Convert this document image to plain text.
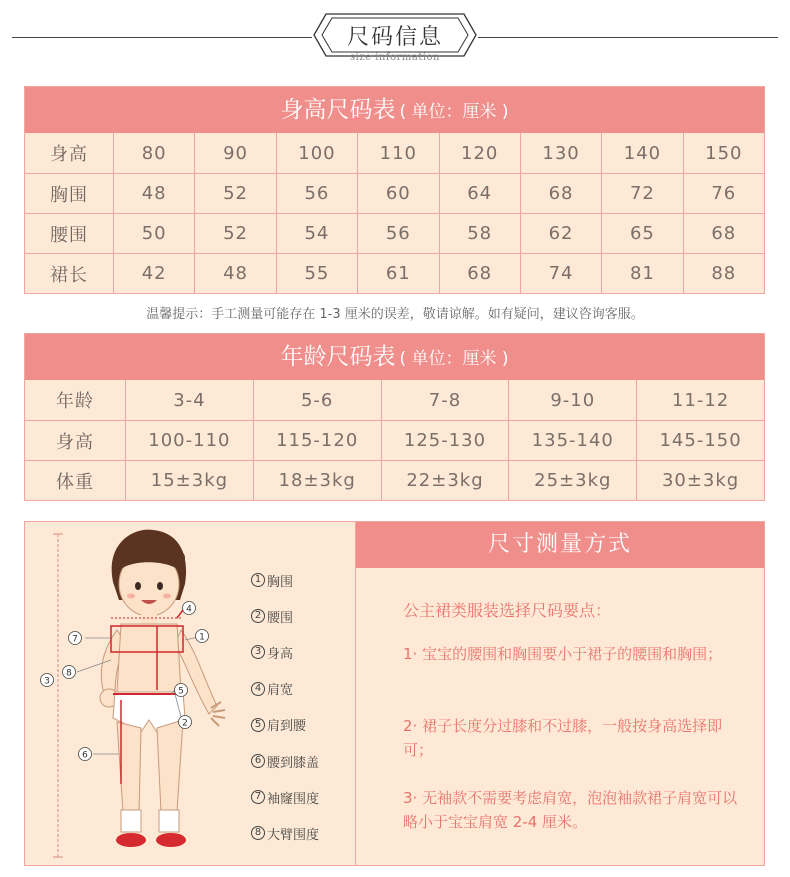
尺码信息
size information
身高尺码表 ( 单位：厘米 )
身高	80	90	100	110	120	130	140	150
胸围	48	52	56	60	64	68	72	76
腰围	50	52	54	56	58	62	65	68
裙长	42	48	55	61	68	74	81	88
温馨提示：手工测量可能存在 1-3 厘米的误差，敬请谅解。如有疑问，建议咨询客服。
年龄尺码表 ( 单位：厘米 )
年龄	3-4	5-6	7-8	9-10	11-12
身高	100-110	115-120	125-130	135-140	145-150
体重	15±3kg	18±3kg	22±3kg	25±3kg	30±3kg
4
7	1
3
8
5
2
6
1 胸围
2 腰围
3 身高
4 肩宽
5 肩到腰
6 腰到膝盖
7 袖窿围度
8 大臂围度
尺寸测量方式
公主裙类服装选择尺码要点：
1· 宝宝的腰围和胸围要小于裙子的腰围和胸围；
2· 裙子长度分过膝和不过膝，一般按身高选择即可；
3· 无袖款不需要考虑肩宽，泡泡袖款裙子肩宽可以略小于宝宝肩宽 2-4 厘米。
